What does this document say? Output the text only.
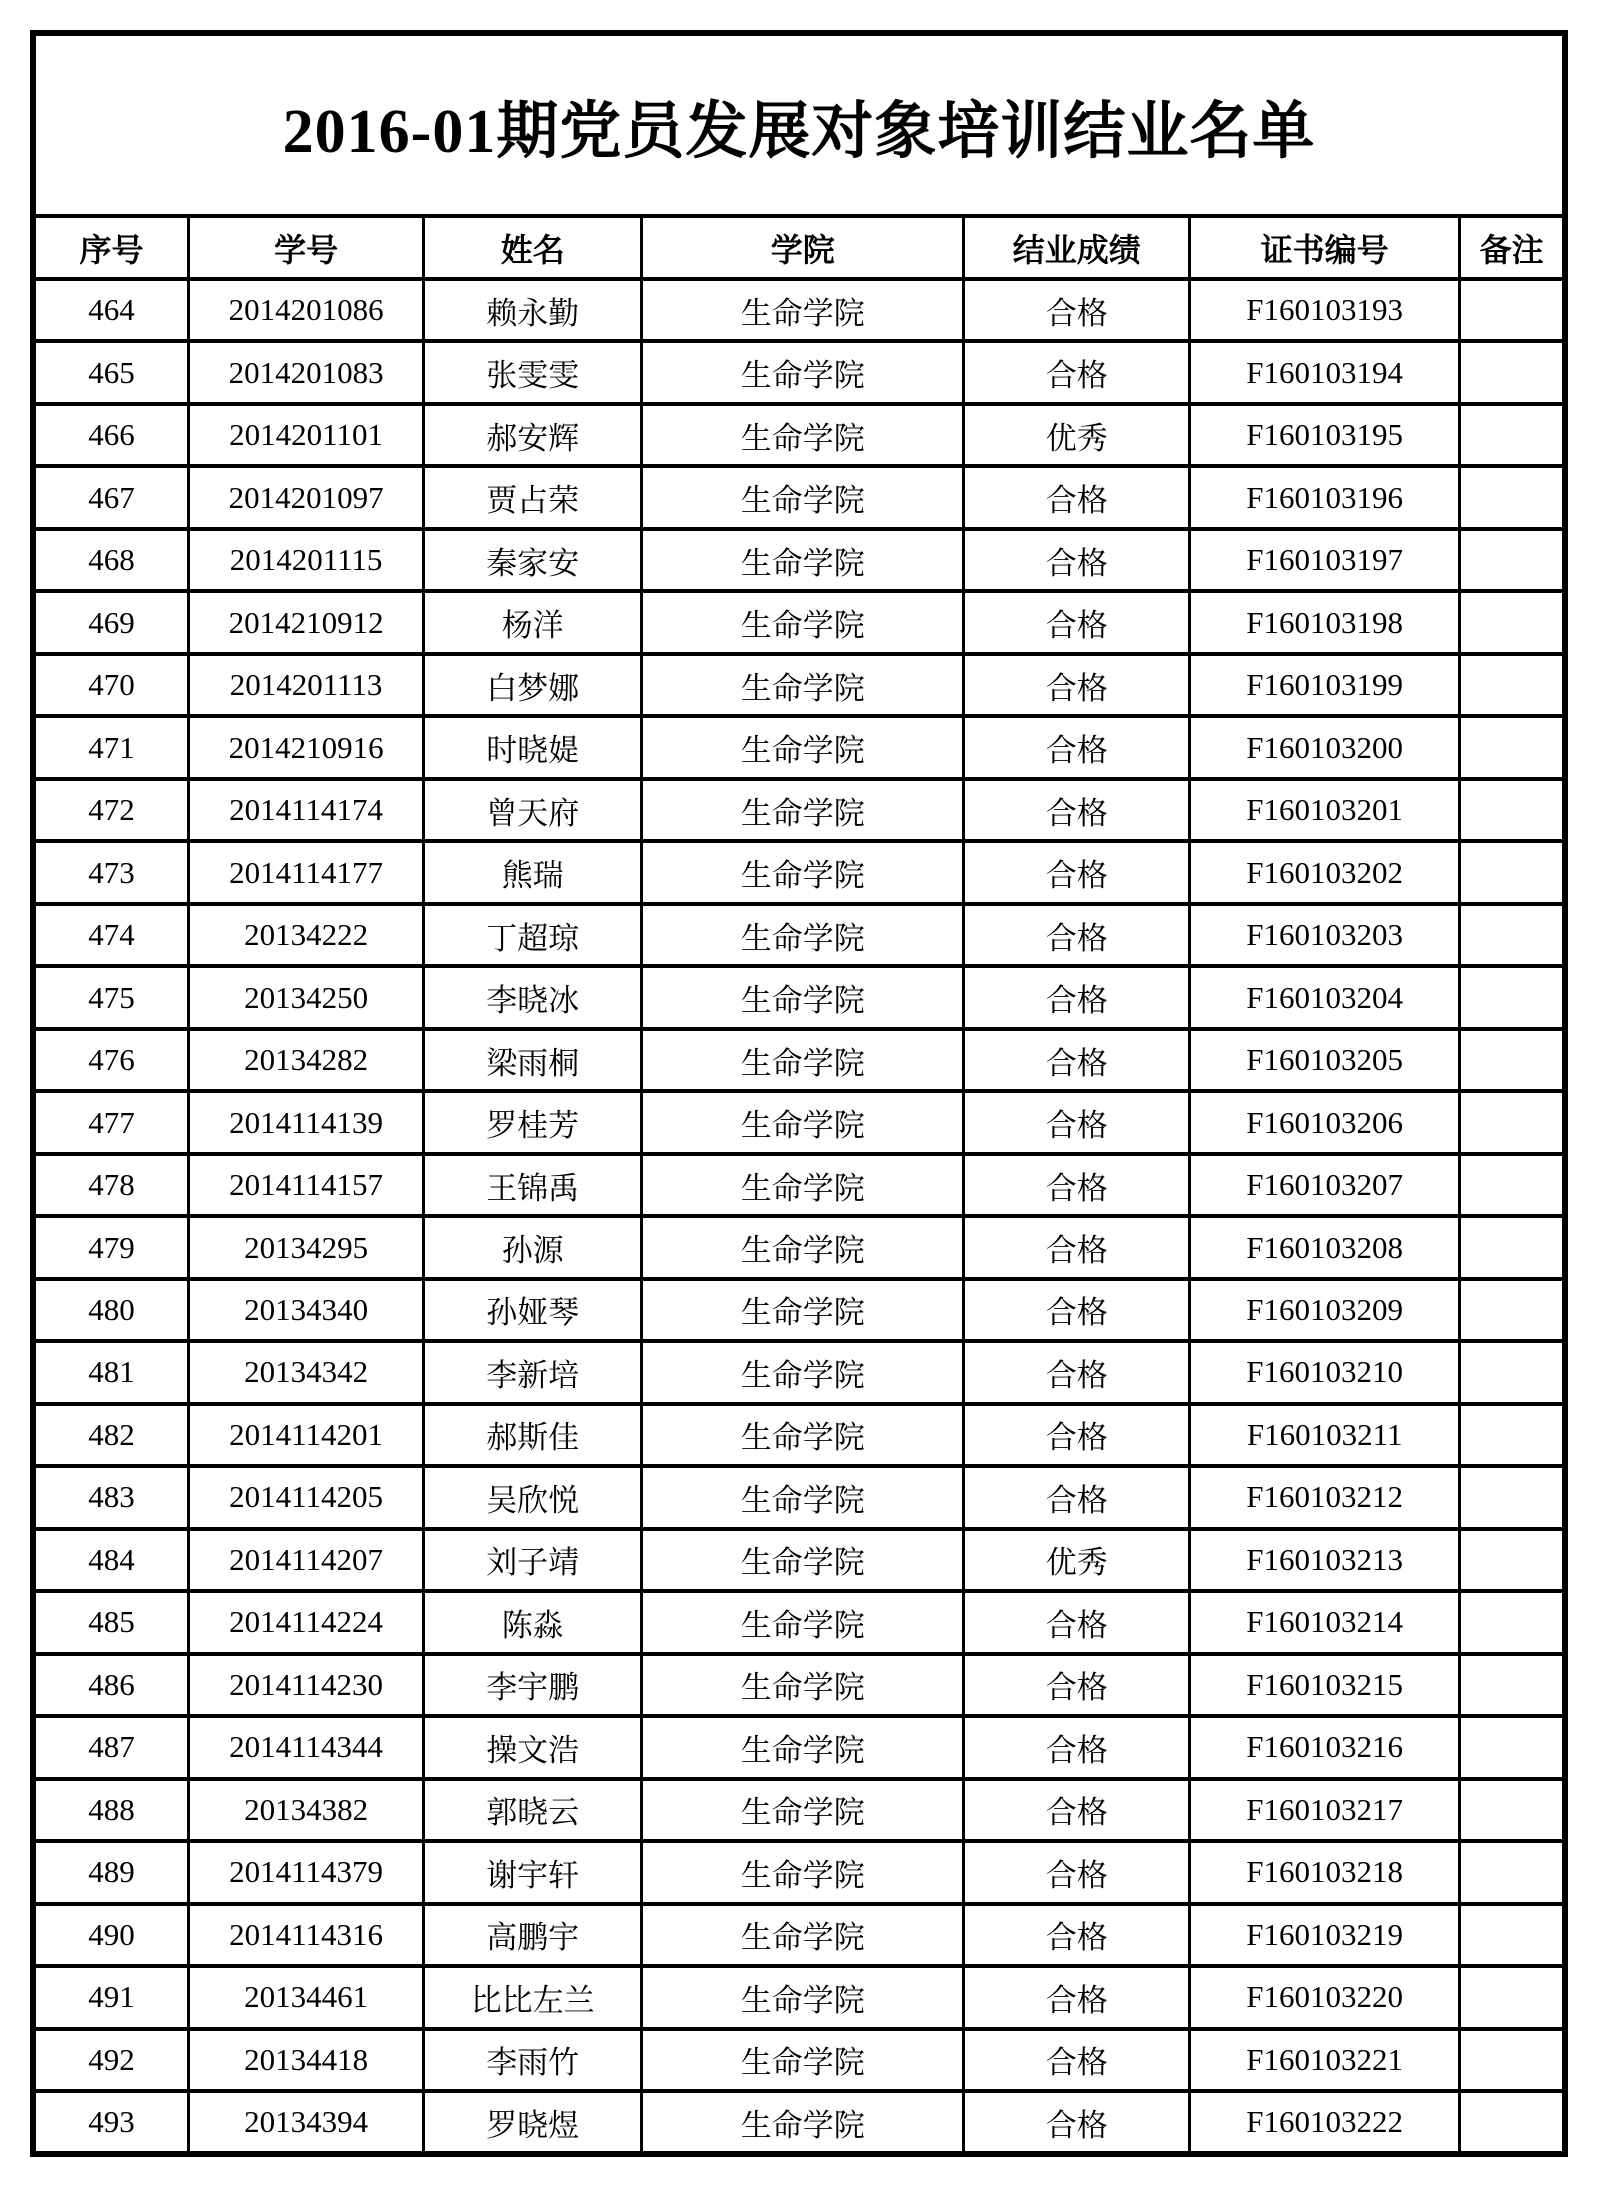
2016-01期党员发展对象培训结业名单
序号	学号	姓名	学院	结业成绩	证书编号	备注
464	2014201086	赖永勤	生命学院	合格	F160103193	
465	2014201083	张雯雯	生命学院	合格	F160103194	
466	2014201101	郝安辉	生命学院	优秀	F160103195	
467	2014201097	贾占荣	生命学院	合格	F160103196	
468	2014201115	秦家安	生命学院	合格	F160103197	
469	2014210912	杨洋	生命学院	合格	F160103198	
470	2014201113	白梦娜	生命学院	合格	F160103199	
471	2014210916	时晓媞	生命学院	合格	F160103200	
472	2014114174	曾天府	生命学院	合格	F160103201	
473	2014114177	熊瑞	生命学院	合格	F160103202	
474	20134222	丁超琼	生命学院	合格	F160103203	
475	20134250	李晓冰	生命学院	合格	F160103204	
476	20134282	梁雨桐	生命学院	合格	F160103205	
477	2014114139	罗桂芳	生命学院	合格	F160103206	
478	2014114157	王锦禹	生命学院	合格	F160103207	
479	20134295	孙源	生命学院	合格	F160103208	
480	20134340	孙娅琴	生命学院	合格	F160103209	
481	20134342	李新培	生命学院	合格	F160103210	
482	2014114201	郝斯佳	生命学院	合格	F160103211	
483	2014114205	吴欣悦	生命学院	合格	F160103212	
484	2014114207	刘子靖	生命学院	优秀	F160103213	
485	2014114224	陈淼	生命学院	合格	F160103214	
486	2014114230	李宇鹏	生命学院	合格	F160103215	
487	2014114344	操文浩	生命学院	合格	F160103216	
488	20134382	郭晓云	生命学院	合格	F160103217	
489	2014114379	谢宇轩	生命学院	合格	F160103218	
490	2014114316	高鹏宇	生命学院	合格	F160103219	
491	20134461	比比左兰	生命学院	合格	F160103220	
492	20134418	李雨竹	生命学院	合格	F160103221	
493	20134394	罗晓煜	生命学院	合格	F160103222	
